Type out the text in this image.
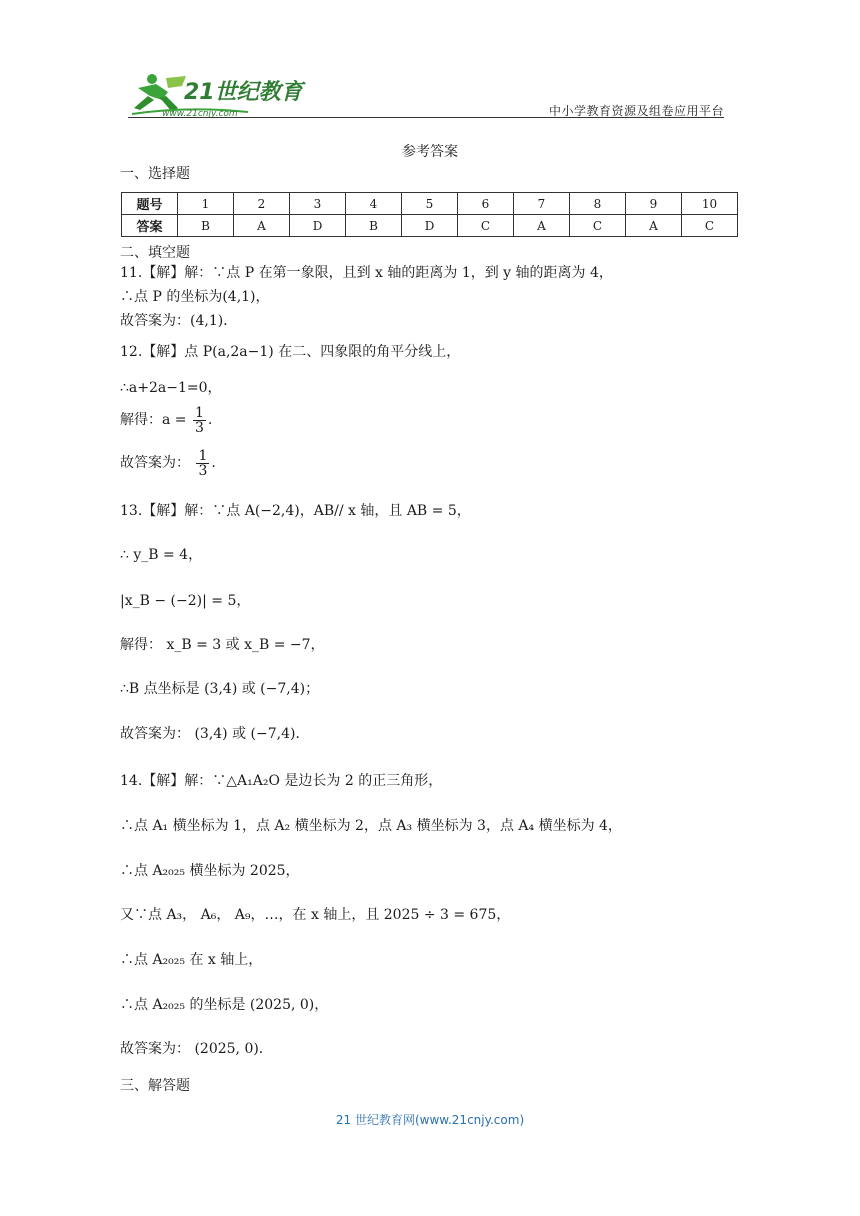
21世纪教育
www.21cnjy.com	中小学教育资源及组卷应用平台
参考答案
一、选择题
题号	1	2	3	4	5	6	7	8	9	10
答案	B	A	D	B	D	C	A	C	A	C
二、填空题
11.【解】解：∵点 P 在第一象限，且到 x 轴的距离为 1，到 y 轴的距离为 4，
∴点 P 的坐标为(4,1)，
故答案为：(4,1)．
12.【解】点 P(a,2a−1) 在二、四象限的角平分线上，
∴a+2a−1=0，
解得：$a = \frac{1}{3}$ .
故答案为： $\frac{1}{3}$ .
13.【解】解：∵点 A(−2,4)，AB// x 轴，且 AB = 5，
∴ y_B = 4，
|x_B − (−2)| = 5，
解得： x_B = 3 或 x_B = −7，
∴B 点坐标是 (3,4) 或 (−7,4)；
故答案为： (3,4) 或 (−7,4)．
14.【解】解：∵△A₁A₂O 是边长为 2 的正三角形，
∴点 A₁ 横坐标为 1，点 A₂ 横坐标为 2，点 A₃ 横坐标为 3，点 A₄ 横坐标为 4，
∴点 A₂₀₂₅ 横坐标为 2025，
又∵点 A₃， A₆， A₉，…，在 x 轴上，且 2025 ÷ 3 = 675，
∴点 A₂₀₂₅ 在 x 轴上，
∴点 A₂₀₂₅ 的坐标是 (2025, 0)，
故答案为： (2025, 0)．
三、解答题
21 世纪教育网(www.21cnjy.com)
